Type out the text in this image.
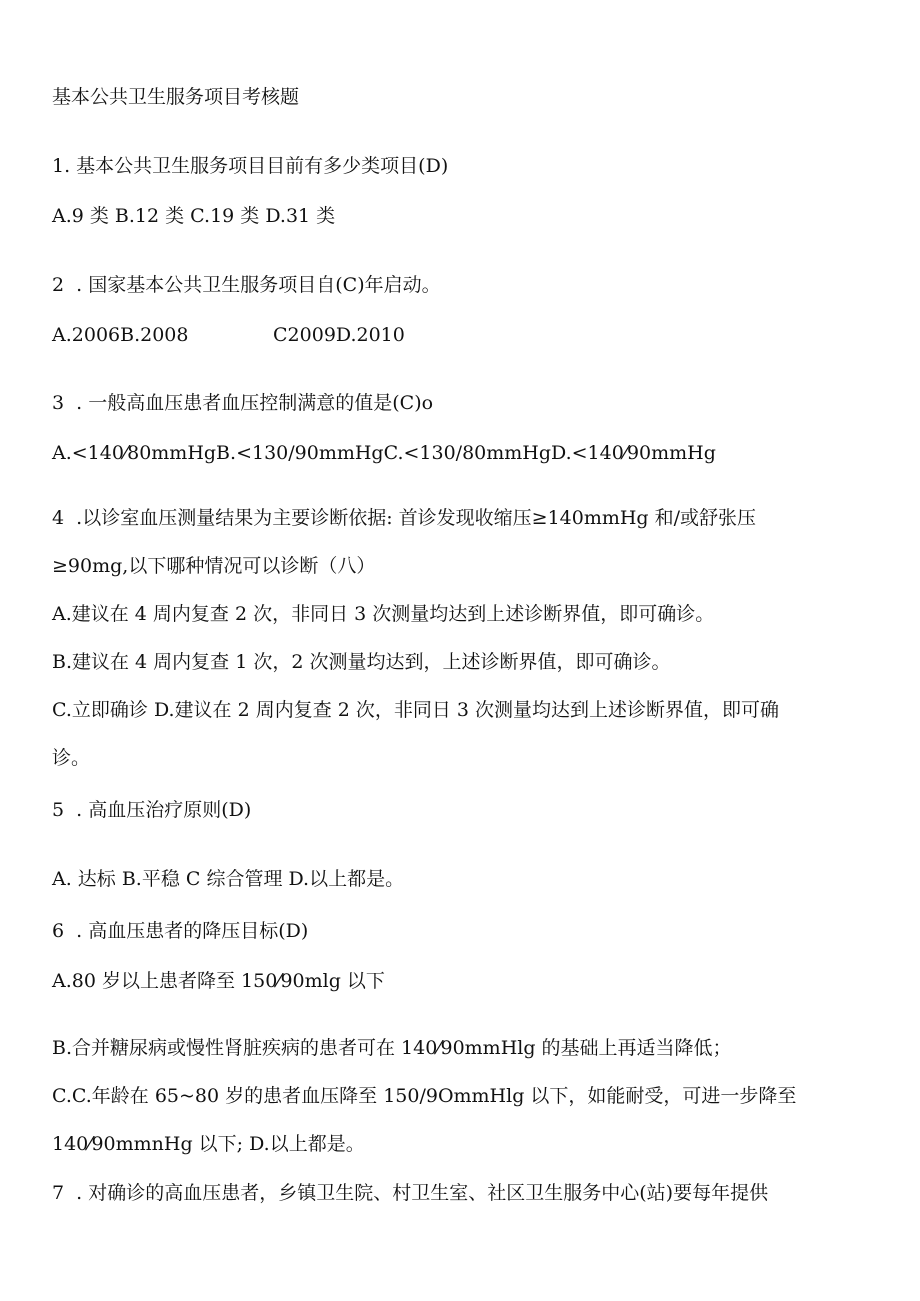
基本公共卫生服务项目考核题

1. 基本公共卫生服务项目目前有多少类项目(D)

A.9 类 B.12 类 C.19 类 D.31 类

2  . 国家基本公共卫生服务项目自(C)年启动。

A.2006B.2008              C2009D.2010

3  . 一般高血压患者血压控制满意的值是(C)o

A.<140⁄80mmHgB.<130/90mmHgC.<130/80mmHgD.<140⁄90mmHg

4  .以诊室血压测量结果为主要诊断依据: 首诊发现收缩压≥140mmHg 和/或舒张压

≥90mg,以下哪种情况可以诊断（八）

A.建议在 4 周内复查 2 次，非同日 3 次测量均达到上述诊断界值，即可确诊。

B.建议在 4 周内复查 1 次，2 次测量均达到，上述诊断界值，即可确诊。

C.立即确诊 D.建议在 2 周内复查 2 次，非同日 3 次测量均达到上述诊断界值，即可确

诊。

5  . 高血压治疗原则(D)

A. 达标 B.平稳 C 综合管理 D.以上都是。

6  . 高血压患者的降压目标(D)

A.80 岁以上患者降至 150⁄90mlg 以下

B.合并糖尿病或慢性肾脏疾病的患者可在 140⁄90mmHlg 的基础上再适当降低；

C.C.年龄在 65~80 岁的患者血压降至 150/9OmmHlg 以下，如能耐受，可进一步降至

140⁄90mmnHg 以下; D.以上都是。

7  . 对确诊的高血压患者，乡镇卫生院、村卫生室、社区卫生服务中心(站)要每年提供
